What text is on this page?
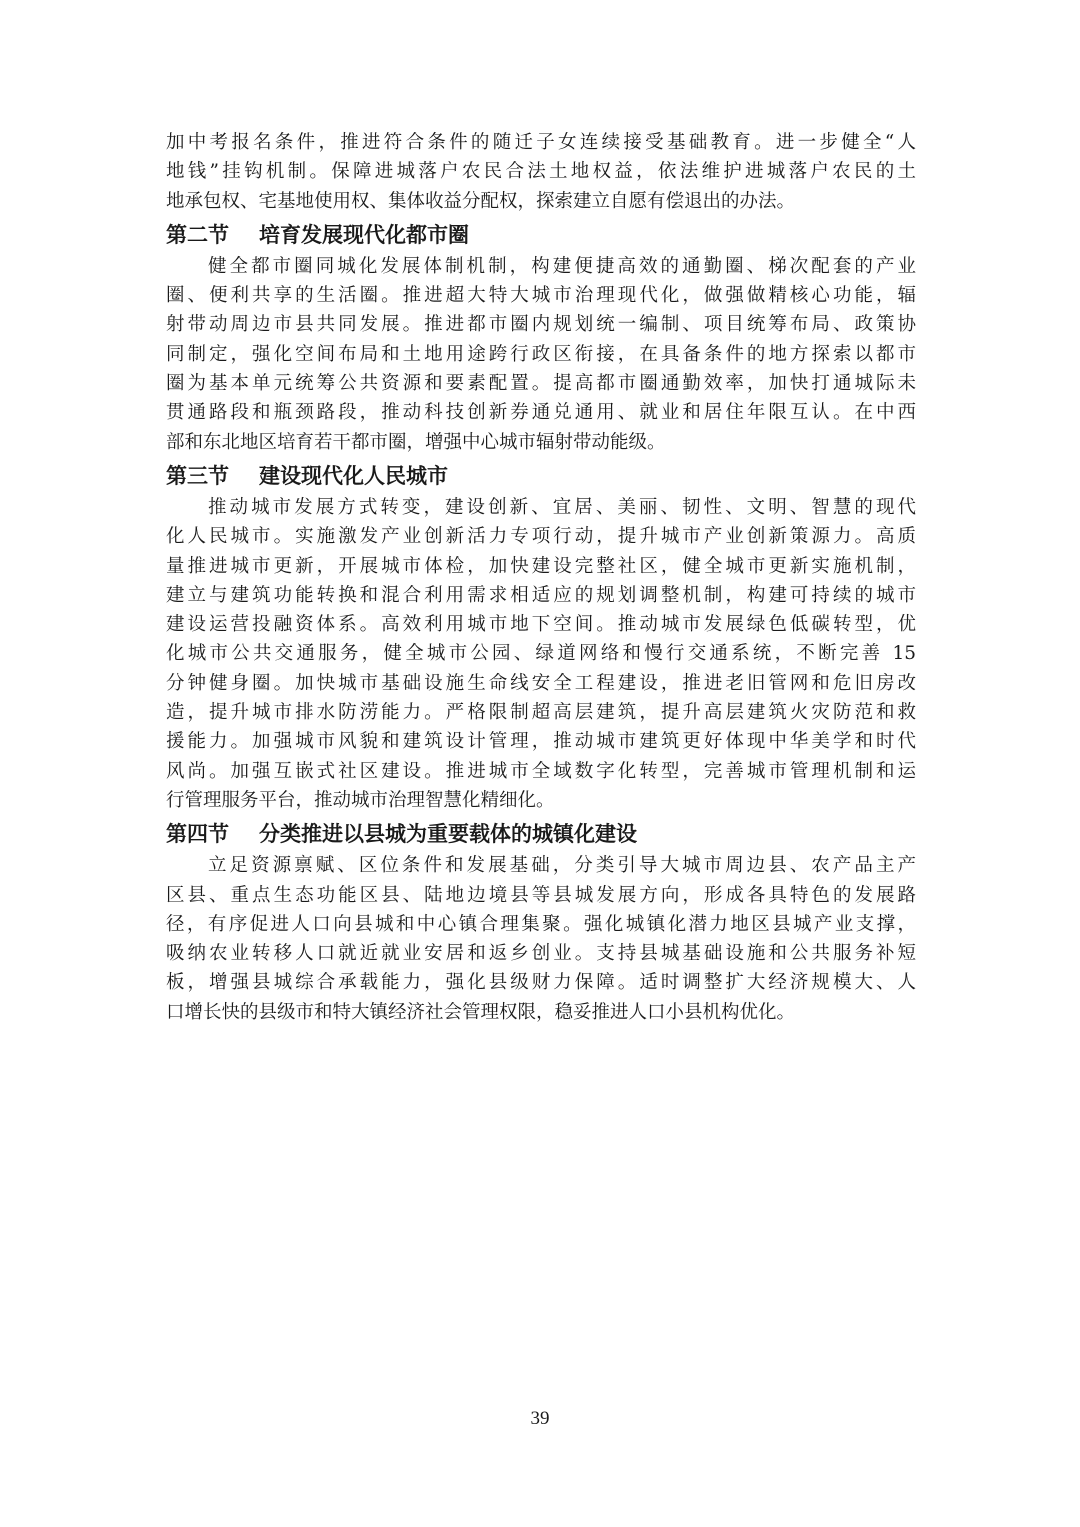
加中考报名条件，推进符合条件的随迁子女连续接受基础教育。进一步健全“人
地钱”挂钩机制。保障进城落户农民合法土地权益，依法维护进城落户农民的土
地承包权、宅基地使用权、集体收益分配权，探索建立自愿有偿退出的办法。
第二节 培育发展现代化都市圈
健全都市圈同城化发展体制机制，构建便捷高效的通勤圈、梯次配套的产业
圈、便利共享的生活圈。推进超大特大城市治理现代化，做强做精核心功能，辐
射带动周边市县共同发展。推进都市圈内规划统一编制、项目统筹布局、政策协
同制定，强化空间布局和土地用途跨行政区衔接，在具备条件的地方探索以都市
圈为基本单元统筹公共资源和要素配置。提高都市圈通勤效率，加快打通城际未
贯通路段和瓶颈路段，推动科技创新券通兑通用、就业和居住年限互认。在中西
部和东北地区培育若干都市圈，增强中心城市辐射带动能级。
第三节 建设现代化人民城市
推动城市发展方式转变，建设创新、宜居、美丽、韧性、文明、智慧的现代
化人民城市。实施激发产业创新活力专项行动，提升城市产业创新策源力。高质
量推进城市更新，开展城市体检，加快建设完整社区，健全城市更新实施机制，
建立与建筑功能转换和混合利用需求相适应的规划调整机制，构建可持续的城市
建设运营投融资体系。高效利用城市地下空间。推动城市发展绿色低碳转型，优
化城市公共交通服务，健全城市公园、绿道网络和慢行交通系统，不断完善 15
分钟健身圈。加快城市基础设施生命线安全工程建设，推进老旧管网和危旧房改
造，提升城市排水防涝能力。严格限制超高层建筑，提升高层建筑火灾防范和救
援能力。加强城市风貌和建筑设计管理，推动城市建筑更好体现中华美学和时代
风尚。加强互嵌式社区建设。推进城市全域数字化转型，完善城市管理机制和运
行管理服务平台，推动城市治理智慧化精细化。
第四节 分类推进以县城为重要载体的城镇化建设
立足资源禀赋、区位条件和发展基础，分类引导大城市周边县、农产品主产
区县、重点生态功能区县、陆地边境县等县城发展方向，形成各具特色的发展路
径，有序促进人口向县城和中心镇合理集聚。强化城镇化潜力地区县城产业支撑，
吸纳农业转移人口就近就业安居和返乡创业。支持县城基础设施和公共服务补短
板，增强县城综合承载能力，强化县级财力保障。适时调整扩大经济规模大、人
口增长快的县级市和特大镇经济社会管理权限，稳妥推进人口小县机构优化。
39
